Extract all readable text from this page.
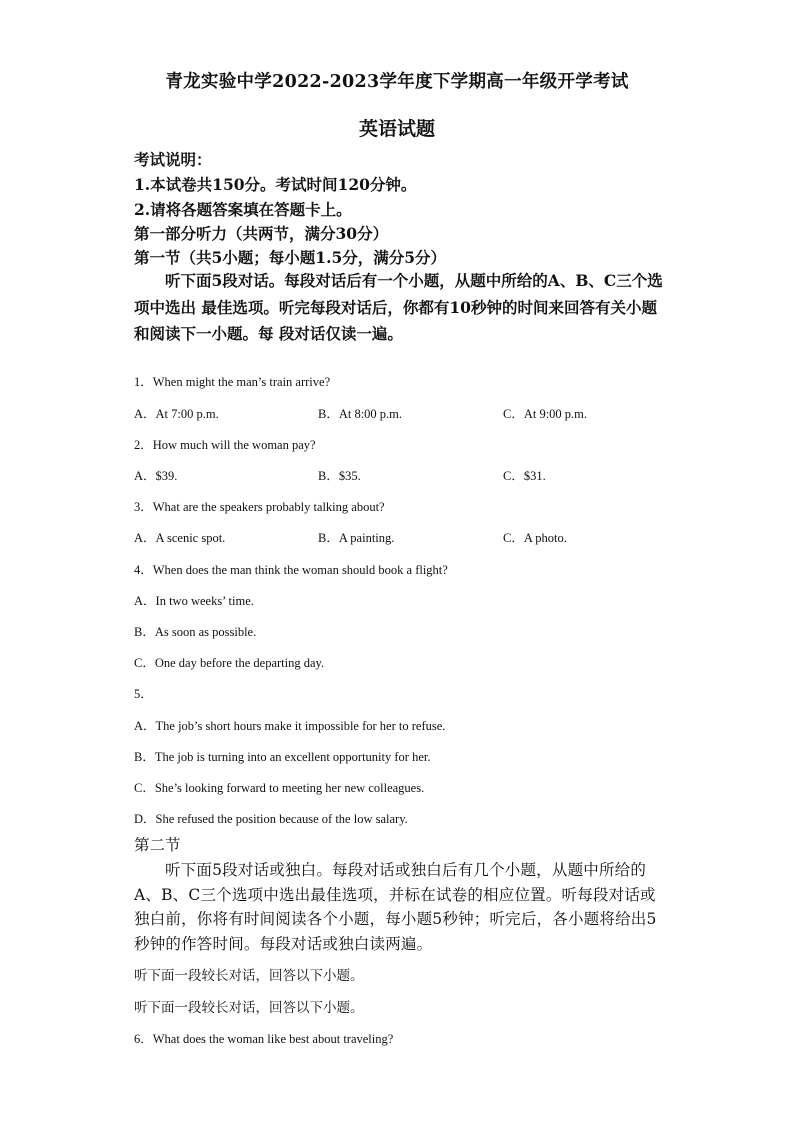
青龙实验中学2022-2023学年度下学期高一年级开学考试
英语试题
考试说明：
1.本试卷共150分。考试时间120分钟。
2.请将各题答案填在答题卡上。
第一部分听力（共两节，满分30分）
第一节（共5小题；每小题1.5分，满分5分）

听下面5段对话。每段对话后有一个小题，从题中所给的A、B、C三个选项中选出 最佳选项。听完每段对话后，你都有10秒钟的时间来回答有关小题和阅读下一小题。每 段对话仅读一遍。

1．When might the man’s train arrive?
A．At 7:00 p.m.	B．At 8:00 p.m.	C．At 9:00 p.m.
2．How much will the woman pay?
A．$39.	B．$35.	C．$31.
3．What are the speakers probably talking about?
A．A scenic spot.	B．A painting.	C．A photo.
4．When does the man think the woman should book a flight?
A．In two weeks’ time.
B．As soon as possible.
C．One day before the departing day.
5．
A．The job’s short hours make it impossible for her to refuse.
B．The job is turning into an excellent opportunity for her.
C．She’s looking forward to meeting her new colleagues.
D．She refused the position because of the low salary.
第二节

听下面5段对话或独白。每段对话或独白后有几个小题，从题中所给的A、B、C三个选项中选出最佳选项，并标在试卷的相应位置。听每段对话或独白前，你将有时间阅读各个小题，每小题5秒钟；听完后，各小题将给出5秒钟的作答时间。每段对话或独白读两遍。

听下面一段较长对话，回答以下小题。
听下面一段较长对话，回答以下小题。
6．What does the woman like best about traveling?
